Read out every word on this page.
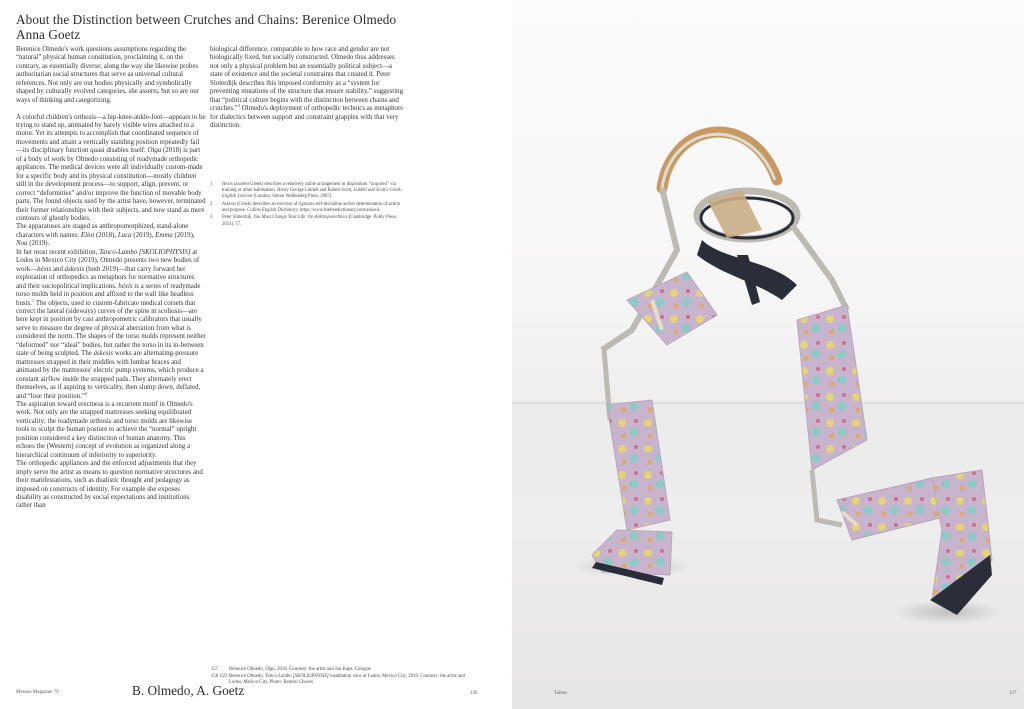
About the Distinction between Crutches and Chains: Berenice Olmedo
Anna Goetz

Berenice Olmedo's work questions assumptions regarding the “natural” physical human constitution, proclaiming it, on the contrary, as essentially diverse; along the way she likewise probes authoritarian social structures that serve as universal cultural references. Not only are our bodies physically and symbolically shaped by culturally evolved categories, she asserts, but so are our ways of thinking and categorizing.

A colorful children's orthosis—a hip-knee-ankle-foot—appears to be trying to stand up, animated by barely visible wires attached to a motor. Yet its attempts to accomplish that coordinated sequence of movements and attain a vertically standing position repeatedly fail—its disciplinary function quasi disables itself. Olga (2018) is part of a body of work by Olmedo consisting of readymade orthopedic appliances. The medical devices were all individually custom-made for a specific body and its physical constitution—mostly children still in the development process—to support, align, prevent, or correct “deformities” and/or improve the function of movable body parts. The found objects used by the artist have, however, terminated their former relationships with their subjects, and now stand as mere contours of ghostly bodies.

The apparatuses are staged as anthropomorphized, stand-alone characters with names: Eliot (2018), Luca (2019), Emma (2019), Noa (2019).

In her most recent exhibition, Tanco-Lambo [SKOLIOPHYSIS] at Lodos in Mexico City (2019), Olmedo presents two new bodies of work—héxis and áskesis (both 2019)—that carry forward her exploration of orthopedics as metaphors for normative structures and their sociopolitical implications. héxis is a series of readymade torso molds held in position and affixed to the wall like headless busts.$^1$ The objects, used to custom-fabricate medical corsets that correct the lateral (sideways) curves of the spine in scoliosis—are here kept in position by cast anthropometric calibrators that usually serve to measure the degree of physical aberration from what is considered the norm. The shapes of the torso molds represent neither “deformed” nor “ideal” bodies, but rather the torso in its in-between state of being sculpted. The áskesis works are alternating-pressure mattresses strapped in their middles with lumbar braces and animated by the mattresses' electric pump systems, which produce a constant airflow inside the strapped pads. They alternately erect themselves, as if aspiring to verticality, then slump down, deflated, and “lose their position.”$^2$

The aspiration toward erectness is a recurrent motif in Olmedo's work. Not only are the strapped mattresses seeking equilibrated verticality; the readymade orthosis and torso molds are likewise tools to sculpt the human posture to achieve the “normal” upright position considered a key distinction of human anatomy. This echoes the (Western) concept of evolution as organized along a hierarchical continuum of inferiority to superiority.

The orthopedic appliances and the enforced adjustments that they imply serve the artist as means to question normative structures and their manifestations, such as dualistic thought and pedagogy as imposed on constructs of identity. For example she exposes disability as constructed by social expectations and institutions rather than

biological difference, comparable to how race and gender are not biologically fixed, but socially constructed. Olmedo thus addresses not only a physical problem but an essentially political subject—a state of existence and the societal constraints that created it. Peter Sloterdijk describes this imposed conformity as a “system for preventing mutations of the structure that ensure stability,” suggesting that “political culture begins with the distinction between chains and crutches.”$^3$ Olmedo's deployment of orthopedic technics as metaphors for dialectics between support and constraint grapples with that very distinction.

1	Hexis (ancient Greek) describes a relatively stable arrangement or disposition “acquired” via training or other habituation. Henry George Liddell and Robert Scott, Liddell and Scott's Greek-English Lexicon (London: Simon Wallenberg Press, 2007).
2	Askesis (Greek) describes an exercise of rigorous self-discipline and/or determination of action and purpose. Collins English Dictionary, https://www.thefreedictionary.com/askesis.
3	Peter Sloterdijk, You Must Change Your Life: On Anthropotechnics (Cambridge: Polity Press, 2013), 57.
157	Berenice Olmedo, Olga, 2018. Courtesy: the artist and Jan Kaps, Cologne
158 159 Berenice Olmedo, Tanco-Lambo [SKOLIOPHYSIS] installation view at Lodos, Mexico City, 2019. Courtesy: the artist and Lodos, Mexico City. Photo: Ramiro Chaves
Mousse Magazine 70	B. Olmedo, A. Goetz	136	Talbes	137
